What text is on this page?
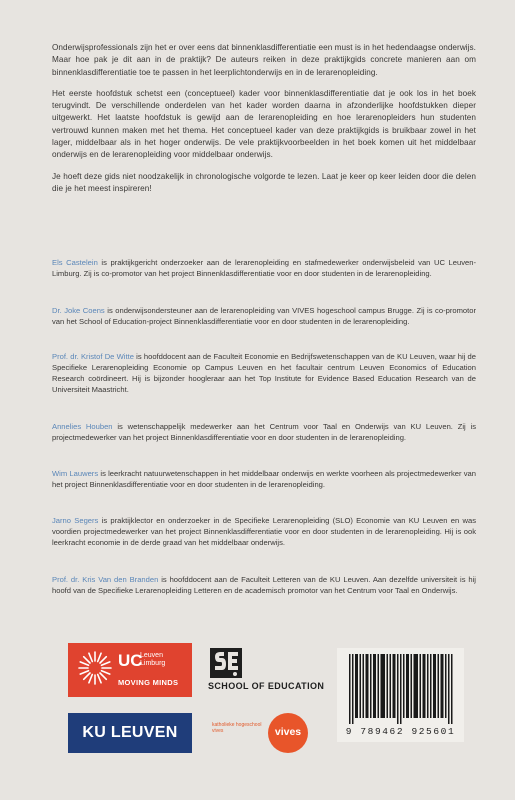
Onderwijsprofessionals zijn het er over eens dat binnenklasdifferentiatie een must is in het hedendaagse onderwijs. Maar hoe pak je dit aan in de praktijk? De auteurs reiken in deze praktijkgids concrete manieren aan om binnenklasdifferentiatie toe te passen in het leerplichtonderwijs en in de lerarenopleiding.

Het eerste hoofdstuk schetst een (conceptueel) kader voor binnenklasdifferentiatie dat je ook los in het boek terugvindt. De verschillende onderdelen van het kader worden daarna in afzonderlijke hoofdstukken dieper uitgewerkt. Het laatste hoofdstuk is gewijd aan de lerarenopleiding en hoe lerarenopleiders hun studenten vertrouwd kunnen maken met het thema. Het conceptueel kader van deze praktijkgids is bruikbaar zowel in het lager, middelbaar als in het hoger onderwijs. De vele praktijkvoorbeelden in het boek komen uit het middelbaar onderwijs en de lerarenopleiding voor middelbaar onderwijs.

Je hoeft deze gids niet noodzakelijk in chronologische volgorde te lezen. Laat je keer op keer leiden door die delen die je het meest inspireren!

Els Castelein is praktijkgericht onderzoeker aan de lerarenopleiding en stafmedewerker onderwijsbeleid van UC Leuven-Limburg. Zij is co-promotor van het project Binnenklasdifferentiatie voor en door studenten in de lerarenopleiding.

Dr. Joke Coens is onderwijsondersteuner aan de lerarenopleiding van VIVES hogeschool campus Brugge. Zij is co-promotor van het School of Education-project Binnenklasdifferentiatie voor en door studenten in de lerarenopleiding.

Prof. dr. Kristof De Witte is hoofddocent aan de Faculteit Economie en Bedrijfswetenschappen van de KU Leuven, waar hij de Specifieke Lerarenopleiding Economie op Campus Leuven en het facultair centrum Leuven Economics of Education Research coördineert. Hij is bijzonder hoogleraar aan het Top Institute for Evidence Based Education Research van de Universiteit Maastricht.

Annelies Houben is wetenschappelijk medewerker aan het Centrum voor Taal en Onderwijs van KU Leuven. Zij is projectmedewerker van het project Binnenklasdifferentiatie voor en door studenten in de lerarenopleiding.

Wim Lauwers is leerkracht natuurwetenschappen in het middelbaar onderwijs en werkte voorheen als projectmedewerker van het project Binnenklasdifferentiatie voor en door studenten in de lerarenopleiding.

Jarno Segers is praktijklector en onderzoeker in de Specifieke Lerarenopleiding (SLO) Economie van KU Leuven en was voordien projectmedewerker van het project Binnenklasdifferentiatie voor en door studenten in de lerarenopleiding. Hij is ook leerkracht economie in de derde graad van het middelbaar onderwijs.

Prof. dr. Kris Van den Branden is hoofddocent aan de Faculteit Letteren van de KU Leuven. Aan dezelfde universiteit is hij hoofd van de Specifieke Lerarenopleiding Letteren en de academisch promotor van het Centrum voor Taal en Onderwijs.

UC
Leuven
Limburg
MOVING MINDS	SCHOOL OF EDUCATION
KU LEUVEN	katholieke hogeschool vives	vives	9 789462 925601
